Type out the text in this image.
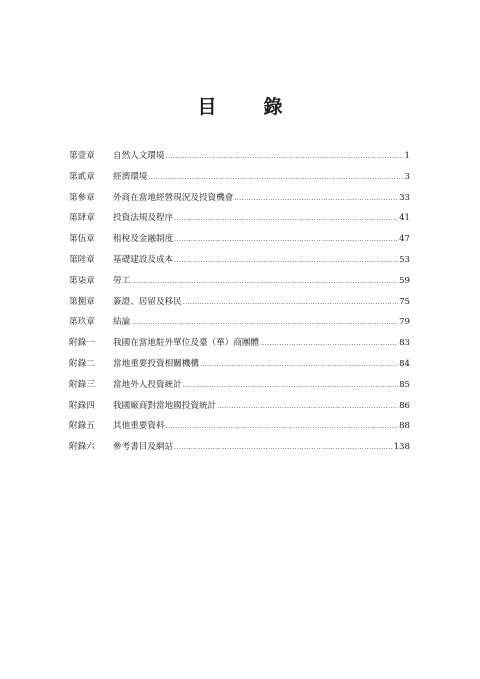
目　錄
第壹章	自然人文環境 .....	1
第貳章	經濟環境 .....	3
第參章	外商在當地經營現況及投資機會 .....	33
第肆章	投資法規及程序 .....	41
第伍章	租稅及金融制度 .....	47
第陸章	基礎建設及成本 .....	53
第柒章	勞工 .....	59
第捌章	簽證、居留及移民 .....	75
第玖章	結論 .....	79
附錄一	我國在當地駐外單位及臺（華）商團體 .....	83
附錄二	當地重要投資相關機構 .....	84
附錄三	當地外人投資統計 .....	85
附錄四	我國廠商對當地國投資統計 .....	86
附錄五	其他重要資料 .....	88
附錄六	參考書目及網站 .....	138
